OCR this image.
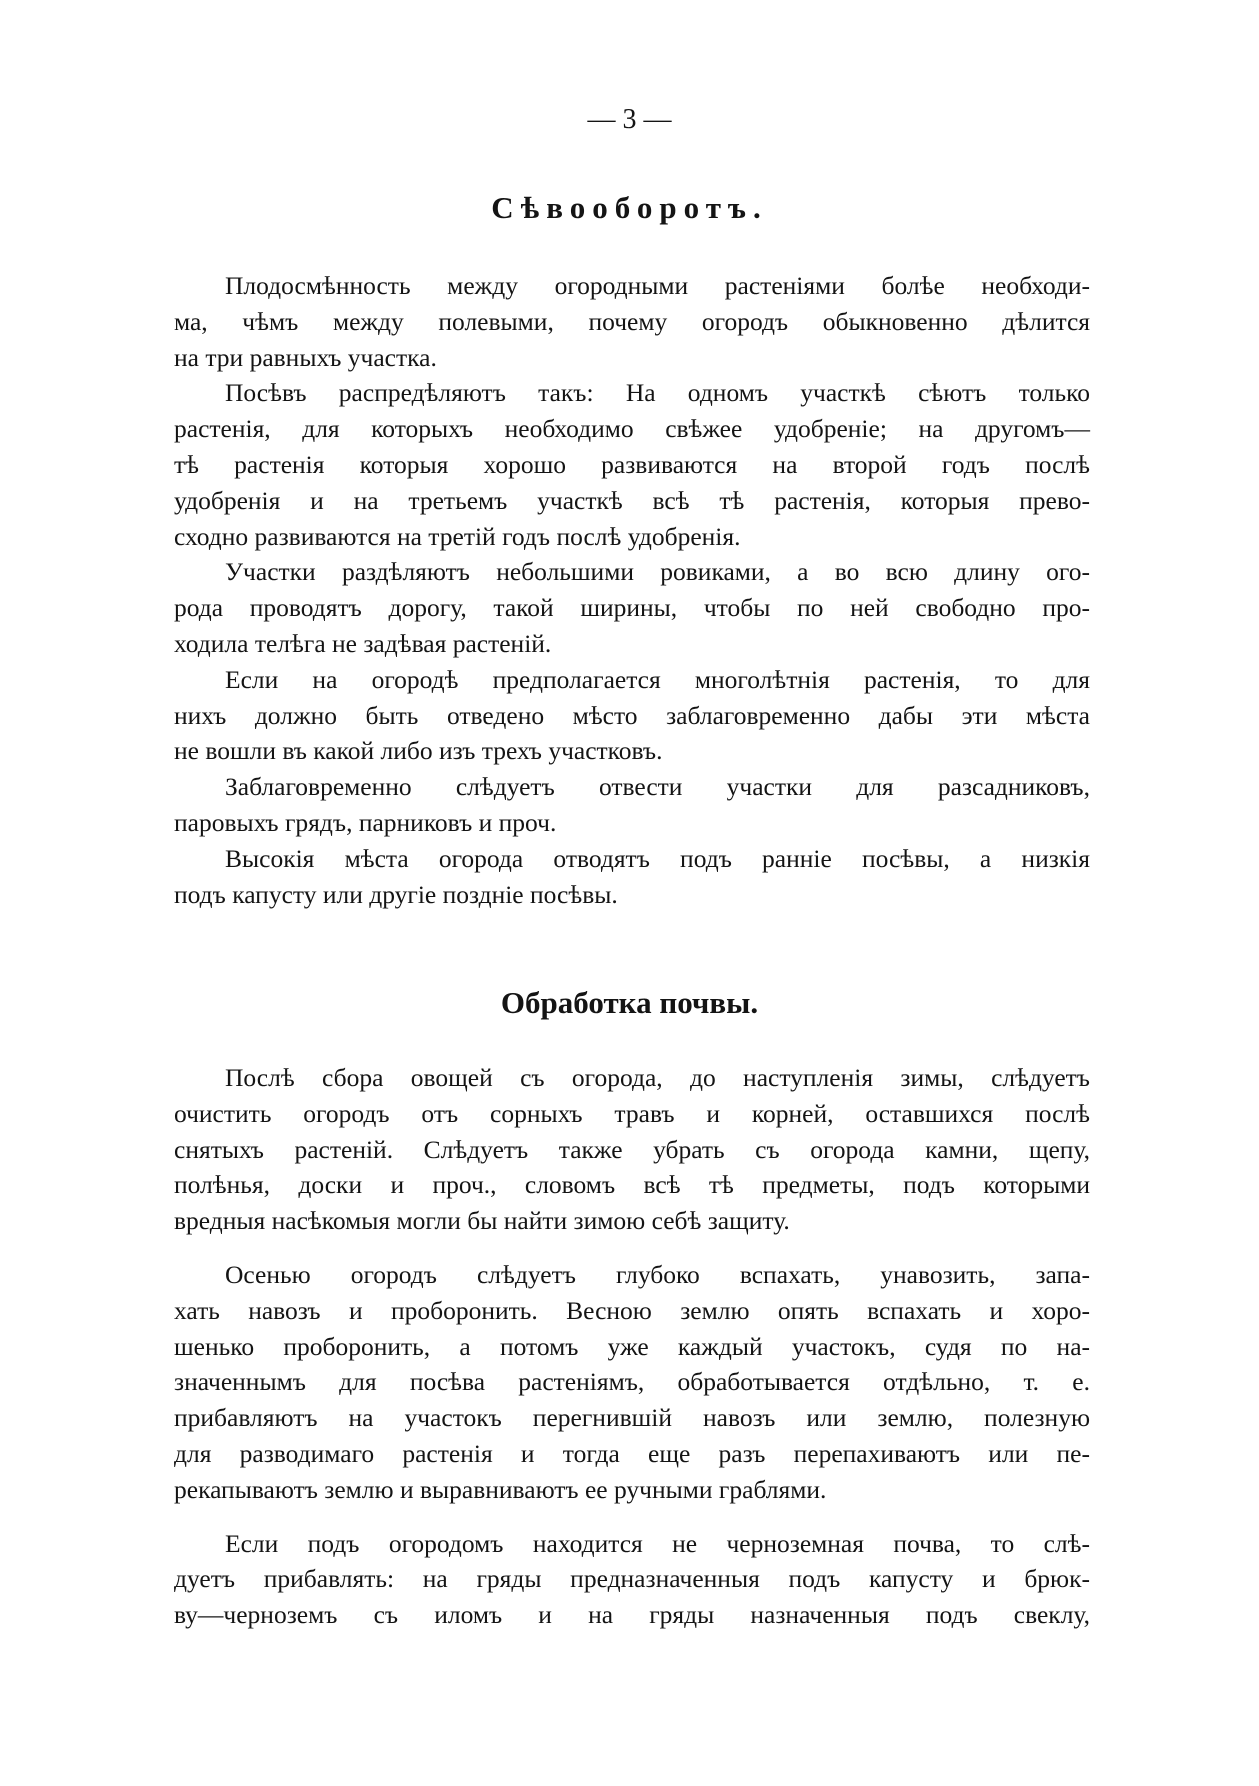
— 3 —
Сѣвооборотъ.
Плодосмѣнность между огородными растеніями болѣе необходи-
ма, чѣмъ между полевыми, почему огородъ обыкновенно дѣлится
на три равныхъ участка.
Посѣвъ распредѣляютъ такъ: На одномъ участкѣ сѣютъ только
растенія, для которыхъ необходимо свѣжее удобреніе; на другомъ—
тѣ растенія которыя хорошо развиваются на второй годъ послѣ
удобренія и на третьемъ участкѣ всѣ тѣ растенія, которыя прево-
сходно развиваются на третій годъ послѣ удобренія.
Участки раздѣляютъ небольшими ровиками, а во всю длину ого-
рода проводятъ дорогу, такой ширины, чтобы по ней свободно про-
ходила телѣга не задѣвая растеній.
Если на огородѣ предполагается многолѣтнія растенія, то для
нихъ должно быть отведено мѣсто заблаговременно дабы эти мѣста
не вошли въ какой либо изъ трехъ участковъ.
Заблаговременно слѣдуетъ отвести участки для разсадниковъ,
паровыхъ грядъ, парниковъ и проч.
Высокія мѣста огорода отводятъ подъ ранніе посѣвы, а низкія
подъ капусту или другіе поздніе посѣвы.
Обработка почвы.
Послѣ сбора овощей съ огорода, до наступленія зимы, слѣдуетъ
очистить огородъ отъ сорныхъ травъ и корней, оставшихся послѣ
снятыхъ растеній. Слѣдуетъ также убрать съ огорода камни, щепу,
полѣнья, доски и проч., словомъ всѣ тѣ предметы, подъ которыми
вредныя насѣкомыя могли бы найти зимою себѣ защиту.
Осенью огородъ слѣдуетъ глубоко вспахать, унавозить, запа-
хать навозъ и проборонить. Весною землю опять вспахать и хоро-
шенько проборонить, а потомъ уже каждый участокъ, судя по на-
значеннымъ для посѣва растеніямъ, обработывается отдѣльно, т. е.
прибавляютъ на участокъ перегнившій навозъ или землю, полезную
для разводимаго растенія и тогда еще разъ перепахиваютъ или пе-
рекапываютъ землю и выравниваютъ ее ручными граблями.
Если подъ огородомъ находится не черноземная почва, то слѣ-
дуетъ прибавлять: на гряды предназначенныя подъ капусту и брюк-
ву—черноземъ съ иломъ и на гряды назначенныя подъ свеклу,
